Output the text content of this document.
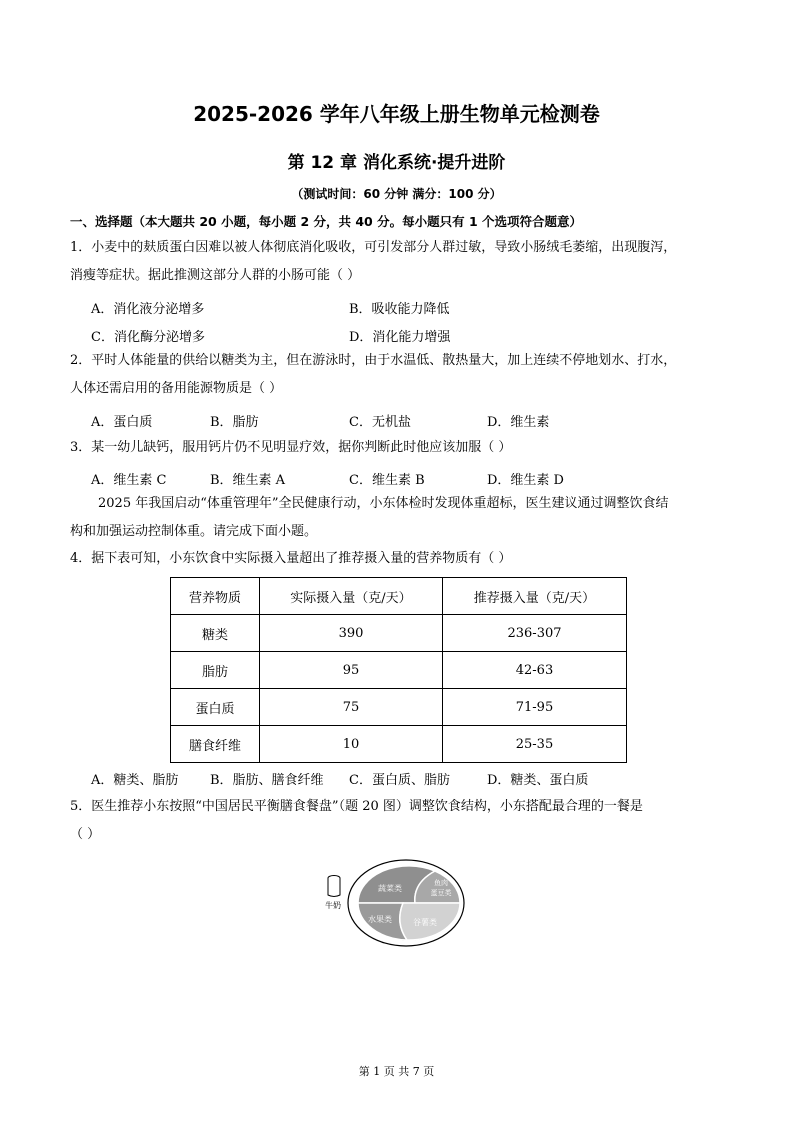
2025-2026 学年八年级上册生物单元检测卷
第 12 章 消化系统·提升进阶
（测试时间：60 分钟 满分：100 分）
一、选择题（本大题共 20 小题，每小题 2 分，共 40 分。每小题只有 1 个选项符合题意）
1．小麦中的麸质蛋白因难以被人体彻底消化吸收，可引发部分人群过敏，导致小肠绒毛萎缩，出现腹泻，
消瘦等症状。据此推测这部分人群的小肠可能（ ）
A．消化液分泌增多	B．吸收能力降低
C．消化酶分泌增多	D．消化能力增强
2．平时人体能量的供给以糖类为主，但在游泳时，由于水温低、散热量大，加上连续不停地划水、打水，
人体还需启用的备用能源物质是（ ）
A．蛋白质	B．脂肪	C．无机盐	D．维生素
3．某一幼儿缺钙，服用钙片仍不见明显疗效，据你判断此时他应该加服（ ）
A．维生素 C	B．维生素 A	C．维生素 B	D．维生素 D
2025 年我国启动“体重管理年”全民健康行动，小东体检时发现体重超标，医生建议通过调整饮食结
构和加强运动控制体重。请完成下面小题。
4．据下表可知，小东饮食中实际摄入量超出了推荐摄入量的营养物质有（ ）
营养物质	实际摄入量（克/天）	推荐摄入量（克/天）
糖类	390	236-307
脂肪	95	42-63
蛋白质	75	71-95
膳食纤维	10	25-35
A．糖类、脂肪 B．脂肪、膳食纤维 C．蛋白质、脂肪	D．糖类、蛋白质
5．医生推荐小东按照“中国居民平衡膳食餐盘”（题 20 图）调整饮食结构，小东搭配最合理的一餐是
（ ）
牛奶
蔬菜类
鱼肉
蛋豆类
水果类	谷薯类
第 1 页 共 7 页
